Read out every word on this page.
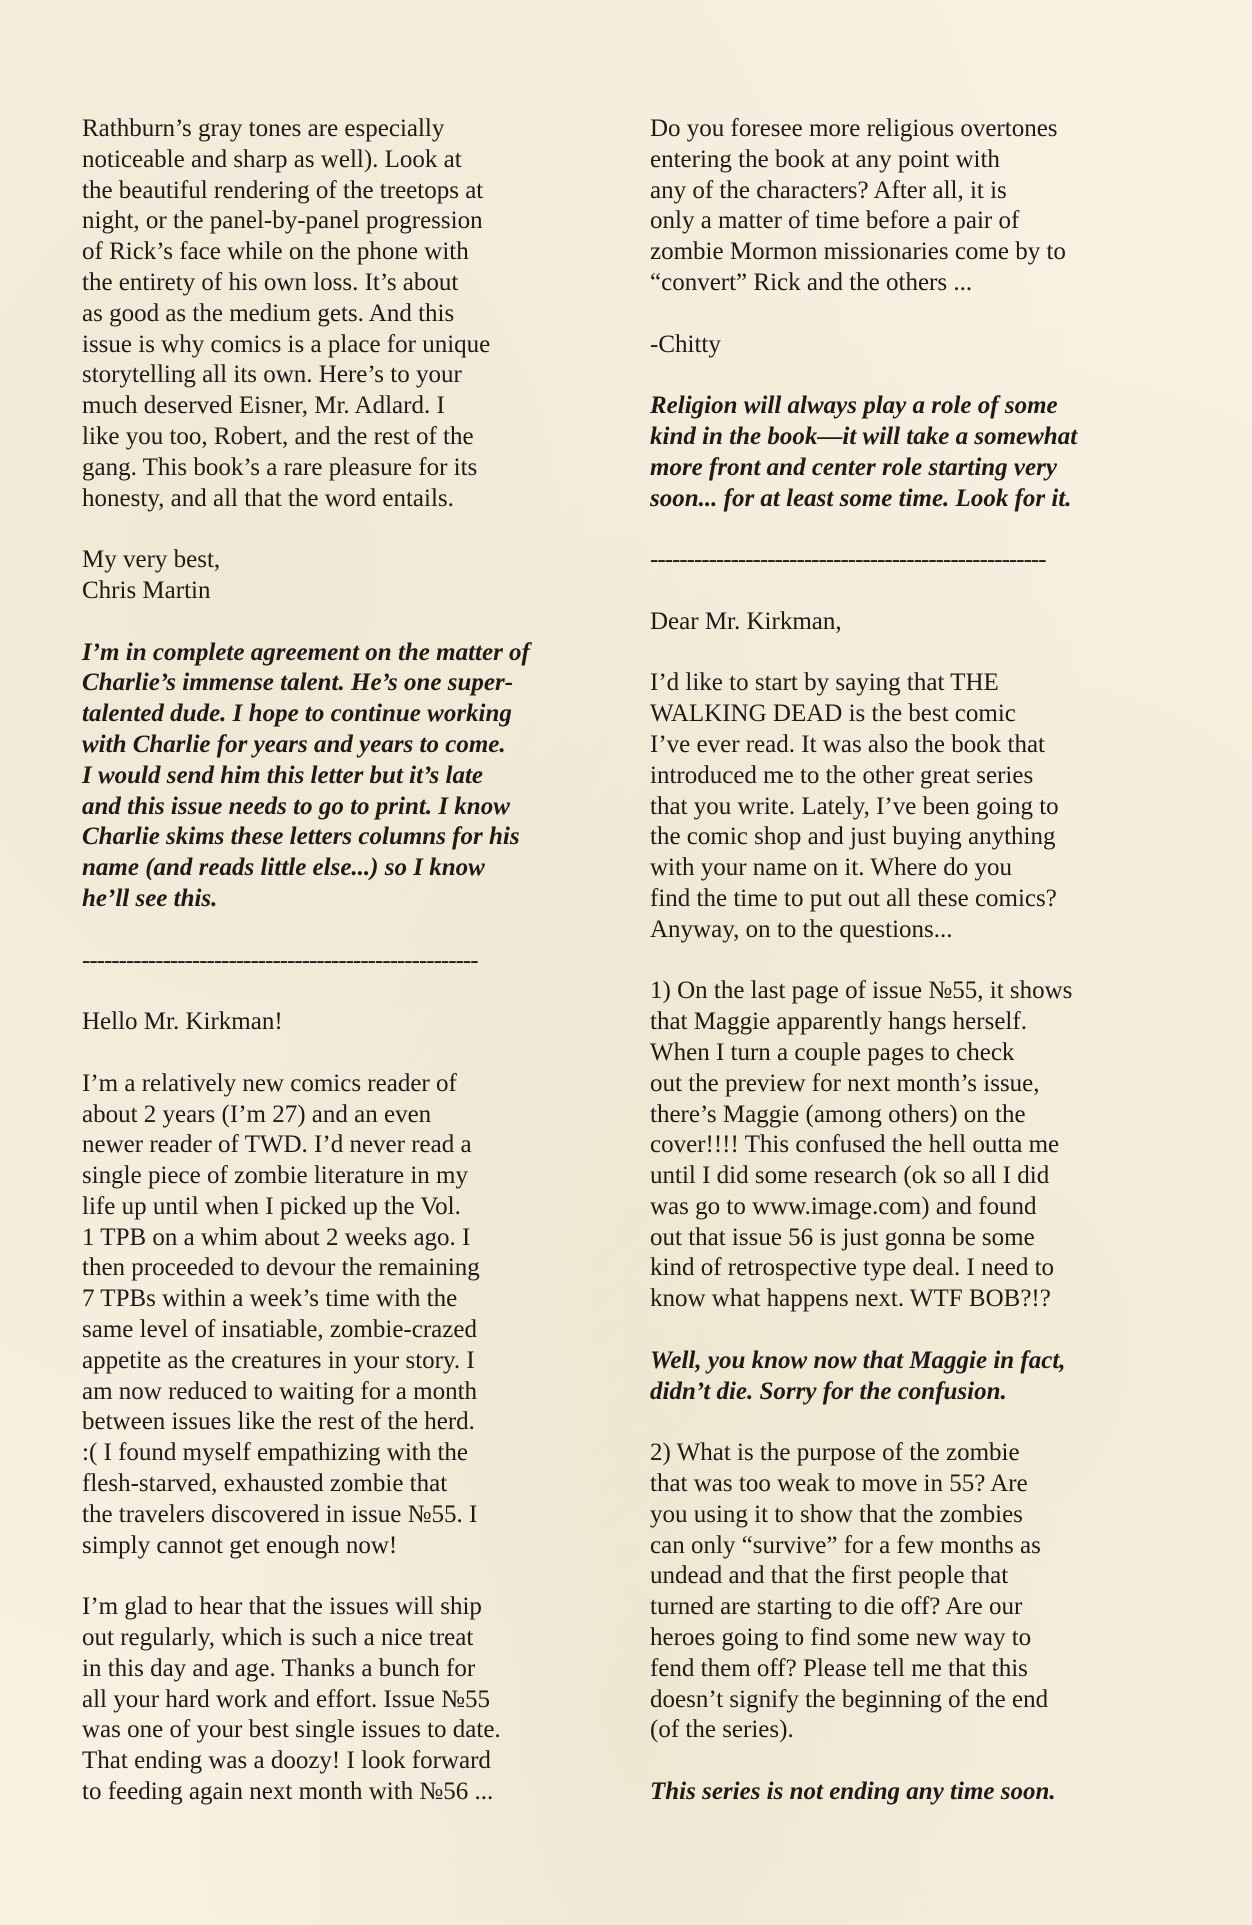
Rathburn’s gray tones are especially
noticeable and sharp as well). Look at
the beautiful rendering of the treetops at
night, or the panel-by-panel progression
of Rick’s face while on the phone with
the entirety of his own loss. It’s about
as good as the medium gets. And this
issue is why comics is a place for unique
storytelling all its own. Here’s to your
much deserved Eisner, Mr. Adlard. I
like you too, Robert, and the rest of the
gang. This book’s a rare pleasure for its
honesty, and all that the word entails.

My very best,
Chris Martin

I’m in complete agreement on the matter of
Charlie’s immense talent. He’s one super-
talented dude. I hope to continue working
with Charlie for years and years to come.
I would send him this letter but it’s late
and this issue needs to go to print. I know
Charlie skims these letters columns for his
name (and reads little else...) so I know
he’ll see this.

------------------------------------------------------

Hello Mr. Kirkman!

I’m a relatively new comics reader of
about 2 years (I’m 27) and an even
newer reader of TWD. I’d never read a
single piece of zombie literature in my
life up until when I picked up the Vol.
1 TPB on a whim about 2 weeks ago. I
then proceeded to devour the remaining
7 TPBs within a week’s time with the
same level of insatiable, zombie-crazed
appetite as the creatures in your story. I
am now reduced to waiting for a month
between issues like the rest of the herd.
:( I found myself empathizing with the
flesh-starved, exhausted zombie that
the travelers discovered in issue №55. I
simply cannot get enough now!

I’m glad to hear that the issues will ship
out regularly, which is such a nice treat
in this day and age. Thanks a bunch for
all your hard work and effort. Issue №55
was one of your best single issues to date.
That ending was a doozy! I look forward
to feeding again next month with №56 ...

Do you foresee more religious overtones
entering the book at any point with
any of the characters? After all, it is
only a matter of time before a pair of
zombie Mormon missionaries come by to
“convert” Rick and the others ...

-Chitty

Religion will always play a role of some
kind in the book—it will take a somewhat
more front and center role starting very
soon... for at least some time. Look for it.

------------------------------------------------------

Dear Mr. Kirkman,

I’d like to start by saying that THE
WALKING DEAD is the best comic
I’ve ever read. It was also the book that
introduced me to the other great series
that you write. Lately, I’ve been going to
the comic shop and just buying anything
with your name on it. Where do you
find the time to put out all these comics?
Anyway, on to the questions...

1) On the last page of issue №55, it shows
that Maggie apparently hangs herself.
When I turn a couple pages to check
out the preview for next month’s issue,
there’s Maggie (among others) on the
cover!!!! This confused the hell outta me
until I did some research (ok so all I did
was go to www.image.com) and found
out that issue 56 is just gonna be some
kind of retrospective type deal. I need to
know what happens next. WTF BOB?!?

Well, you know now that Maggie in fact,
didn’t die. Sorry for the confusion.

2) What is the purpose of the zombie
that was too weak to move in 55? Are
you using it to show that the zombies
can only “survive” for a few months as
undead and that the first people that
turned are starting to die off? Are our
heroes going to find some new way to
fend them off? Please tell me that this
doesn’t signify the beginning of the end
(of the series).

This series is not ending any time soon.
